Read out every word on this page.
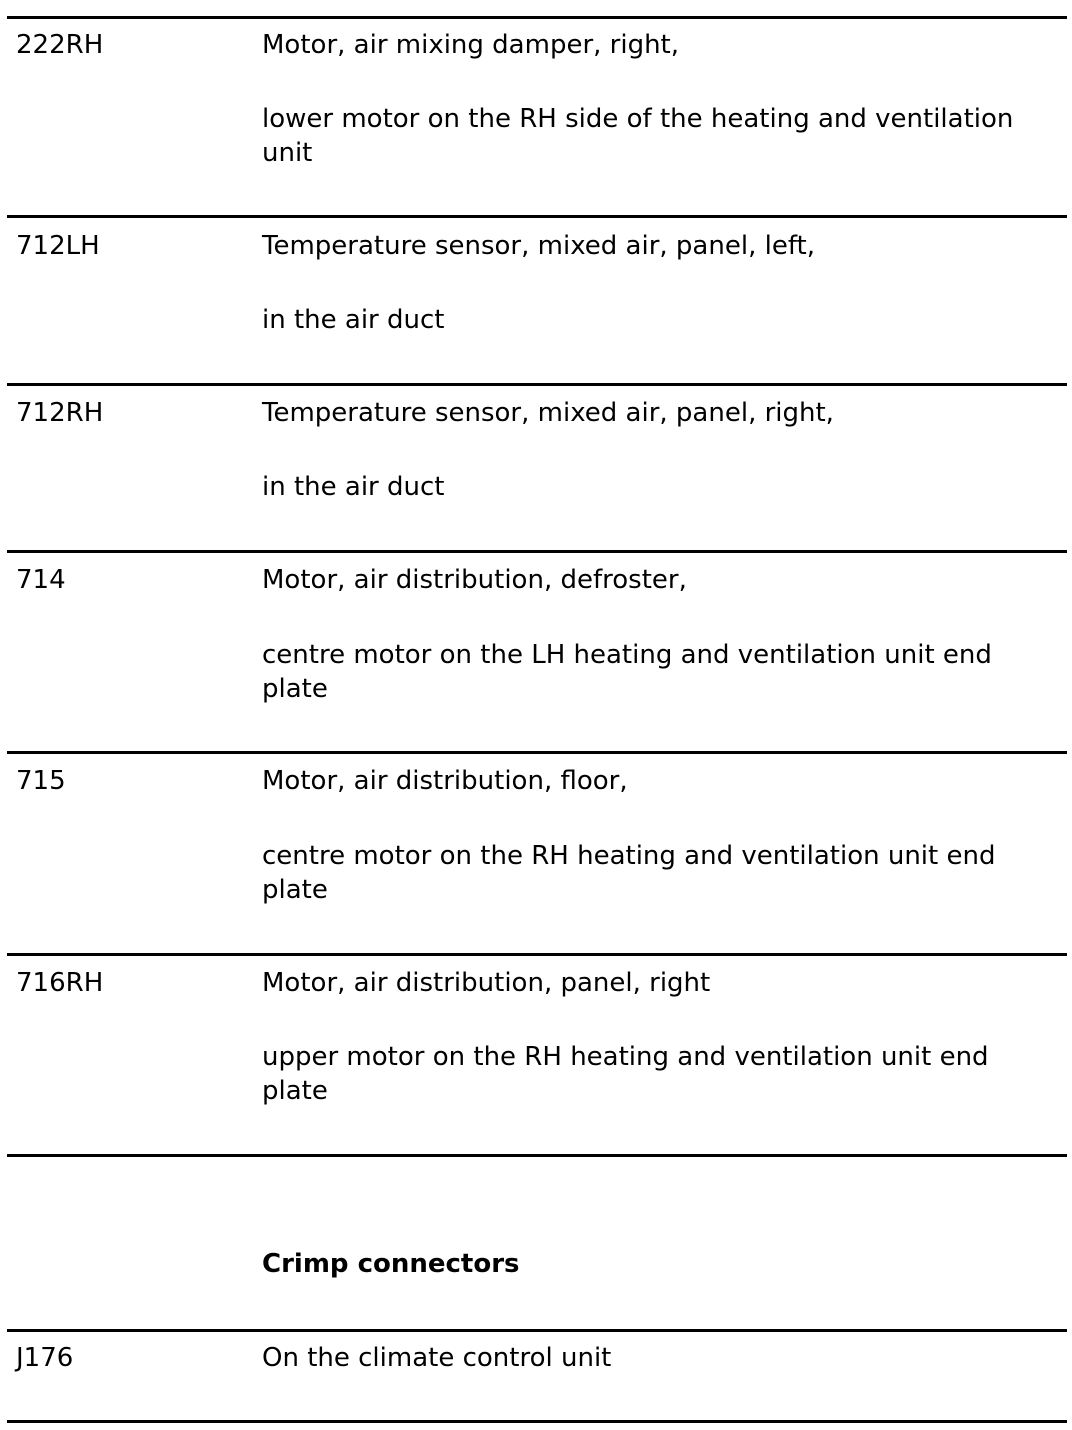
222RH	Motor, air mixing damper, right,

lower motor on the RH side of the heating and ventilation unit

712LH	Temperature sensor, mixed air, panel, left,

in the air duct

712RH	Temperature sensor, mixed air, panel, right,

in the air duct

714	Motor, air distribution, defroster,

centre motor on the LH heating and ventilation unit end plate

715	Motor, air distribution, floor,

centre motor on the RH heating and ventilation unit end plate

716RH	Motor, air distribution, panel, right

upper motor on the RH heating and ventilation unit end plate

Crimp connectors

J176	On the climate control unit
